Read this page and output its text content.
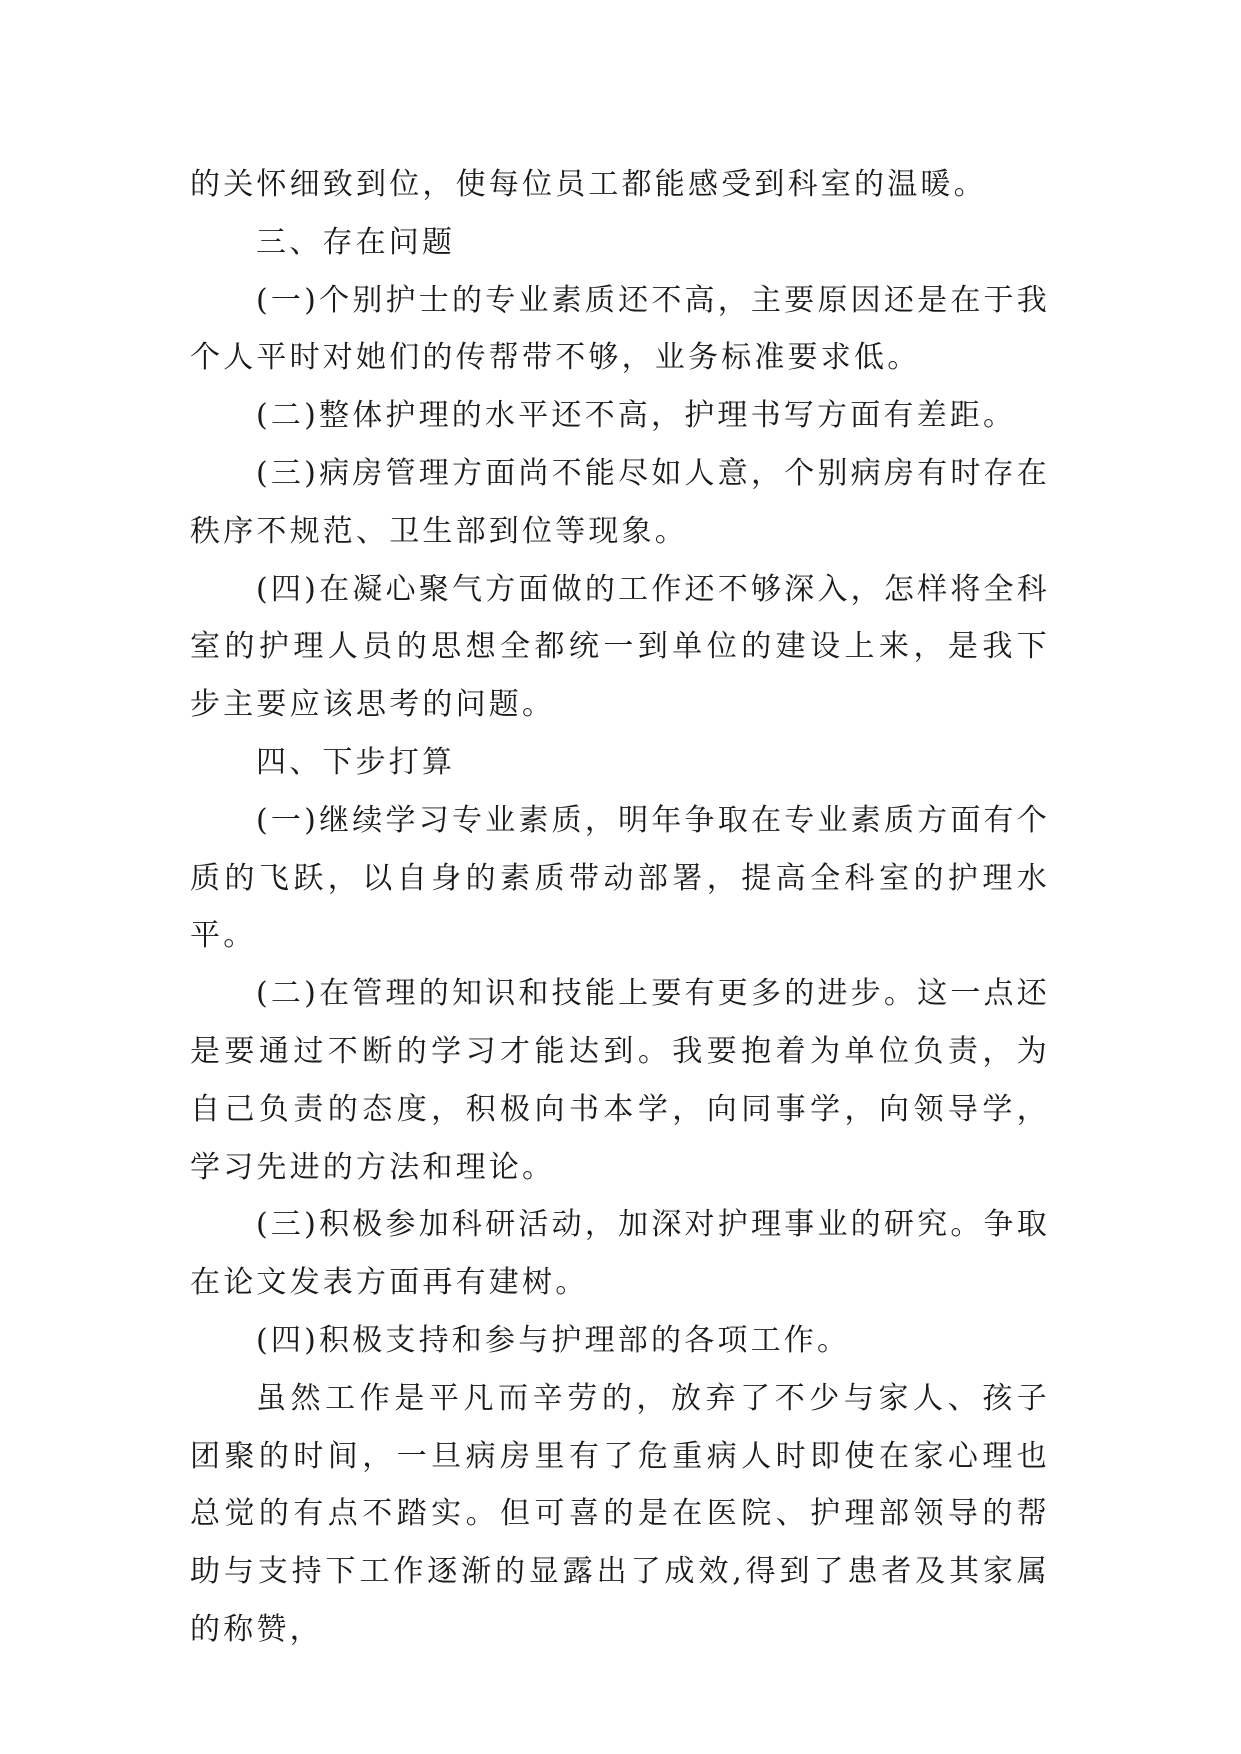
的关怀细致到位，使每位员工都能感受到科室的温暖。

三、存在问题

(一)个别护士的专业素质还不高，主要原因还是在于我个人平时对她们的传帮带不够，业务标准要求低。

(二)整体护理的水平还不高，护理书写方面有差距。

(三)病房管理方面尚不能尽如人意，个别病房有时存在秩序不规范、卫生部到位等现象。

(四)在凝心聚气方面做的工作还不够深入，怎样将全科室的护理人员的思想全都统一到单位的建设上来，是我下步主要应该思考的问题。

四、下步打算

(一)继续学习专业素质，明年争取在专业素质方面有个质的飞跃，以自身的素质带动部署，提高全科室的护理水平。

(二)在管理的知识和技能上要有更多的进步。这一点还是要通过不断的学习才能达到。我要抱着为单位负责，为自己负责的态度，积极向书本学，向同事学，向领导学，学习先进的方法和理论。

(三)积极参加科研活动，加深对护理事业的研究。争取在论文发表方面再有建树。

(四)积极支持和参与护理部的各项工作。

虽然工作是平凡而辛劳的，放弃了不少与家人、孩子团聚的时间，一旦病房里有了危重病人时即使在家心理也总觉的有点不踏实。但可喜的是在医院、护理部领导的帮助与支持下工作逐渐的显露出了成效,得到了患者及其家属的称赞，
